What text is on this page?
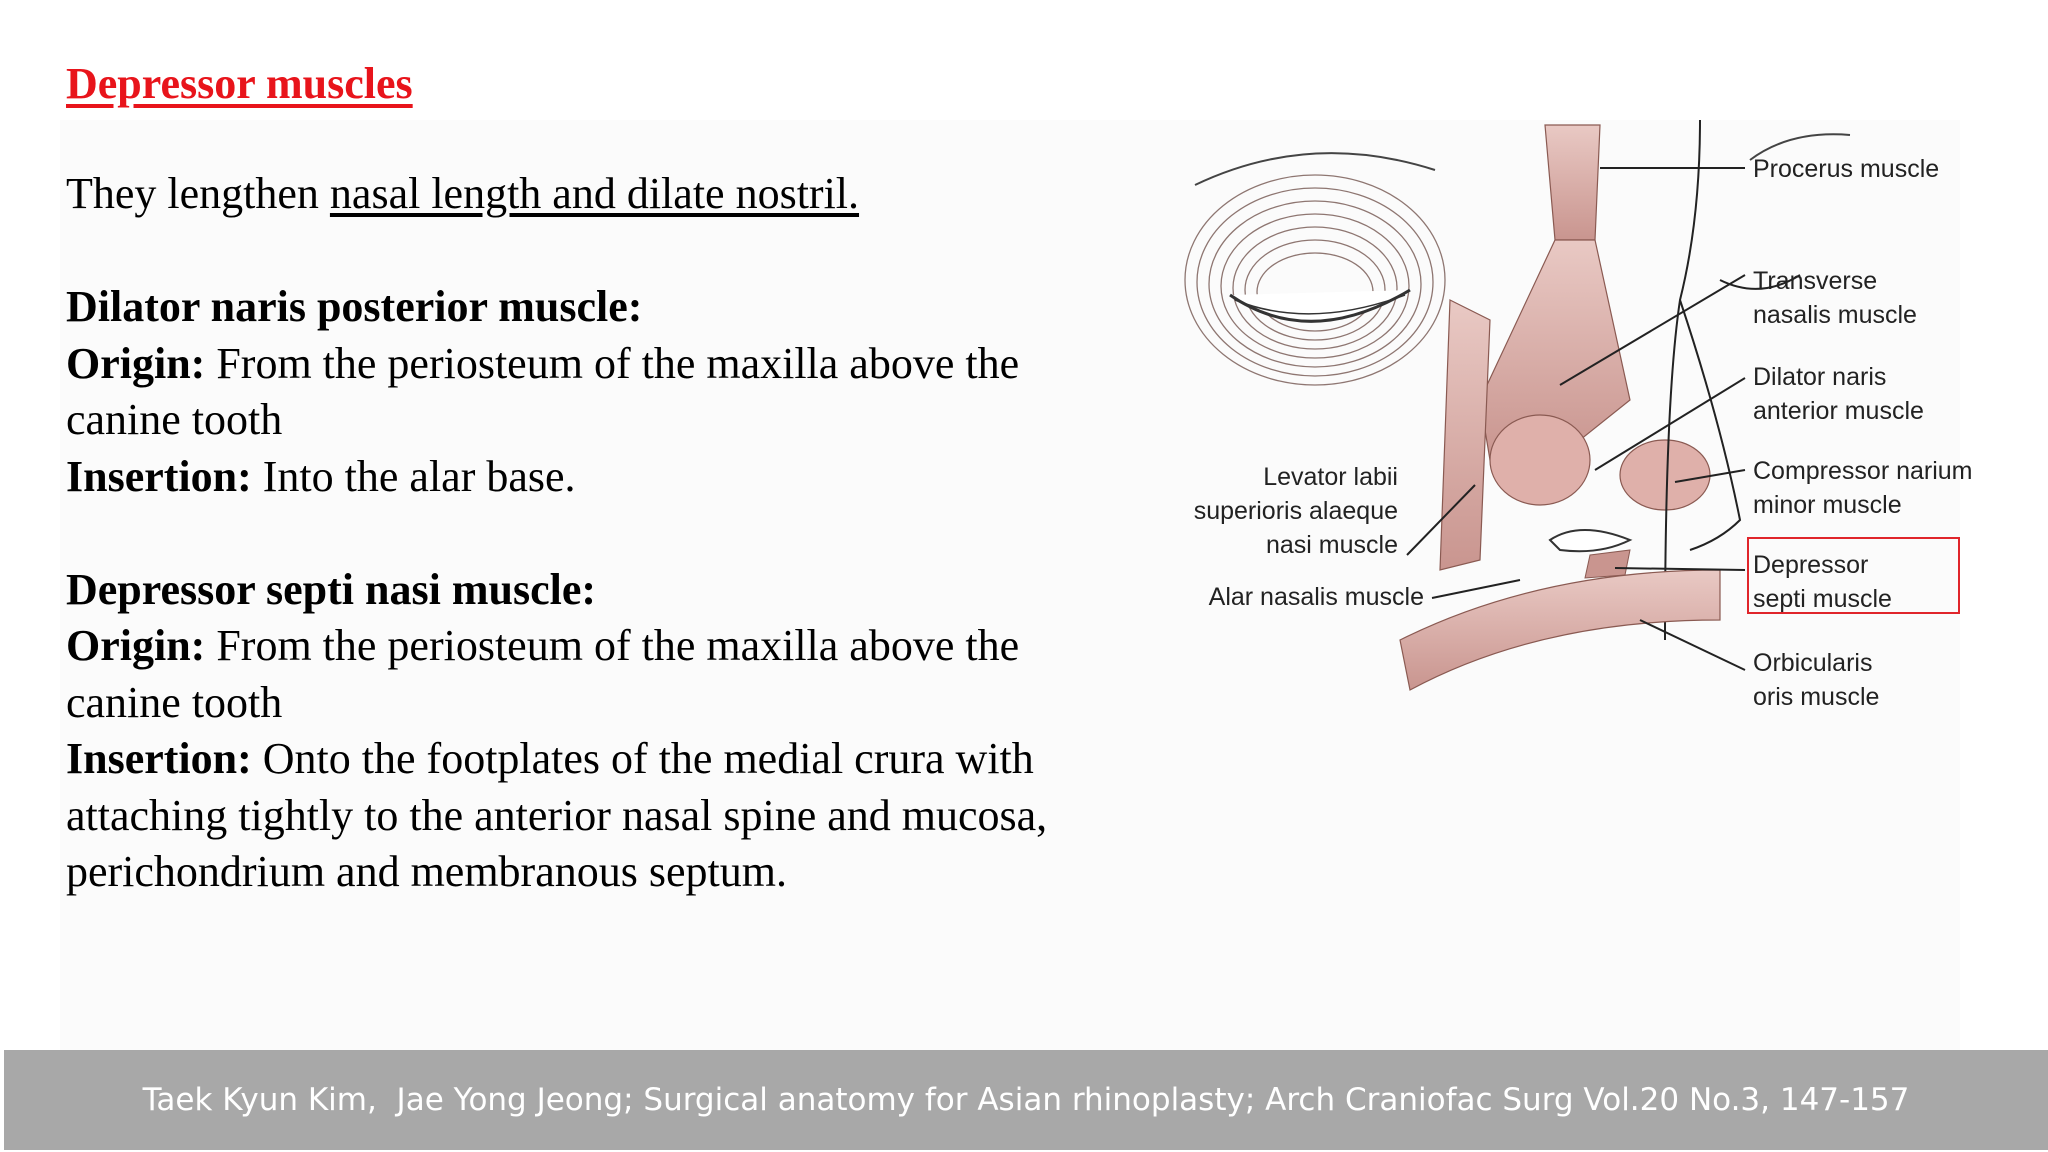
Depressor muscles

They lengthen nasal length and dilate nostril.

Dilator naris posterior muscle:

Origin: From the periosteum of the maxilla above the canine tooth

Insertion: Into the alar base.

Depressor septi nasi muscle:

Origin: From the periosteum of the maxilla above the canine tooth

Insertion: Onto the footplates of the medial crura with attaching tightly to the anterior nasal spine and mucosa, perichondrium and membranous septum.

Procerus muscle
Transverse
nasalis muscle
Dilator naris
anterior muscle
Compressor narium
minor muscle
Depressor
septi muscle
Orbicularis
oris muscle
Levator labii
superioris alaeque
nasi muscle
Alar nasalis muscle
Taek Kyun Kim,  Jae Yong Jeong; Surgical anatomy for Asian rhinoplasty; Arch Craniofac Surg Vol.20 No.3, 147-157
